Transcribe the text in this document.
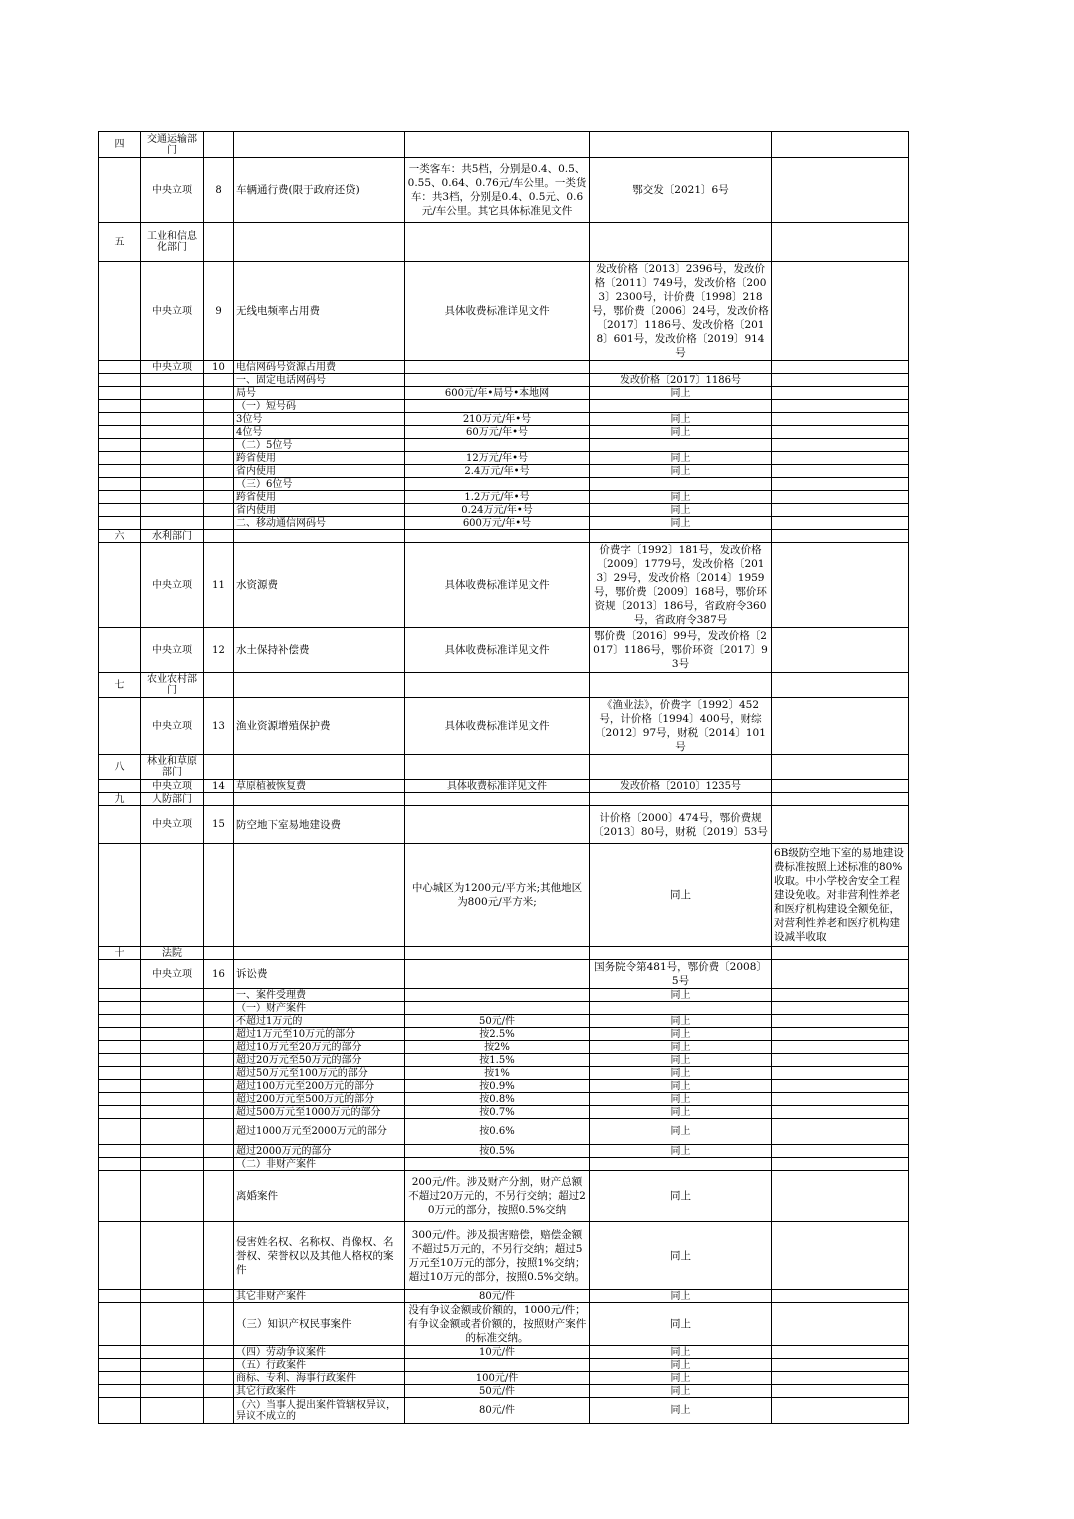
四	交通运输部门					
	中央立项	8	车辆通行费(限于政府还贷)	一类客车：共5档，分别是0.4、0.5、0.55、0.64、0.76元/车公里。一类货车：共3档，分别是0.4、0.5元、0.6元/车公里。其它具体标准见文件	鄂交发〔2021〕6号	
五	工业和信息化部门					
	中央立项	9	无线电频率占用费	具体收费标准详见文件	发改价格〔2013〕2396号，发改价格〔2011〕749号，发改价格〔2003〕2300号，计价费〔1998〕218号，鄂价费〔2006〕24号，发改价格〔2017〕1186号、发改价格〔2018〕601号，发改价格〔2019〕914号	
	中央立项	10	电信网码号资源占用费			
			一、固定电话网码号		发改价格〔2017〕1186号	
			局号	600元/年•局号•本地网	同上	
			（一）短号码			
			3位号	210万元/年•号	同上	
			4位号	60万元/年•号	同上	
			（二）5位号			
			跨省使用	12万元/年•号	同上	
			省内使用	2.4万元/年•号	同上	
			（三）6位号			
			跨省使用	1.2万元/年•号	同上	
			省内使用	0.24万元/年•号	同上	
			二、移动通信网码号	600万元/年•号	同上	
六	水利部门					
	中央立项	11	水资源费	具体收费标准详见文件	价费字〔1992〕181号，发改价格〔2009〕1779号，发改价格〔2013〕29号，发改价格〔2014〕1959号，鄂价费〔2009〕168号，鄂价环资规〔2013〕186号，省政府令360号，省政府令387号	
	中央立项	12	水土保持补偿费	具体收费标准详见文件	鄂价费〔2016〕99号，发改价格〔2017〕1186号，鄂价环资〔2017〕93号	
七	农业农村部门					
	中央立项	13	渔业资源增殖保护费	具体收费标准详见文件	《渔业法》，价费字〔1992〕452号，计价格〔1994〕400号，财综〔2012〕97号，财税〔2014〕101号	
八	林业和草原部门					
	中央立项	14	草原植被恢复费	具体收费标准详见文件	发改价格〔2010〕1235号	
九	人防部门					
	中央立项	15	防空地下室易地建设费		计价格〔2000〕474号，鄂价费规〔2013〕80号，财税〔2019〕53号	
				中心城区为1200元/平方米;其他地区为800元/平方米;	同上	6B级防空地下室的易地建设费标准按照上述标准的80%收取。中小学校舍安全工程建设免收。对非营利性养老和医疗机构建设全额免征，对营利性养老和医疗机构建设减半收取
十	法院					
	中央立项	16	诉讼费		国务院令第481号，鄂价费〔2008〕5号	
			一、案件受理费		同上	
			（一）财产案件			
			不超过1万元的	50元/件	同上	
			超过1万元至10万元的部分	按2.5%	同上	
			超过10万元至20万元的部分	按2%	同上	
			超过20万元至50万元的部分	按1.5%	同上	
			超过50万元至100万元的部分	按1%	同上	
			超过100万元至200万元的部分	按0.9%	同上	
			超过200万元至500万元的部分	按0.8%	同上	
			超过500万元至1000万元的部分	按0.7%	同上	
			超过1000万元至2000万元的部分	按0.6%	同上	
			超过2000万元的部分	按0.5%	同上	
			（二）非财产案件			
			离婚案件	200元/件。涉及财产分割，财产总额不超过20万元的，不另行交纳；超过20万元的部分，按照0.5%交纳	同上	
			侵害姓名权、名称权、肖像权、名誉权、荣誉权以及其他人格权的案件	300元/件。涉及损害赔偿，赔偿金额不超过5万元的，不另行交纳；超过5万元至10万元的部分，按照1%交纳；超过10万元的部分，按照0.5%交纳。	同上	
			其它非财产案件	80元/件	同上	
			（三）知识产权民事案件	没有争议金额或价额的，1000元/件；有争议金额或者价额的，按照财产案件的标准交纳。	同上	
			（四）劳动争议案件	10元/件	同上	
			（五）行政案件		同上	
			商标、专利、海事行政案件	100元/件	同上	
			其它行政案件	50元/件	同上	
			（六）当事人提出案件管辖权异议，异议不成立的	80元/件	同上	
